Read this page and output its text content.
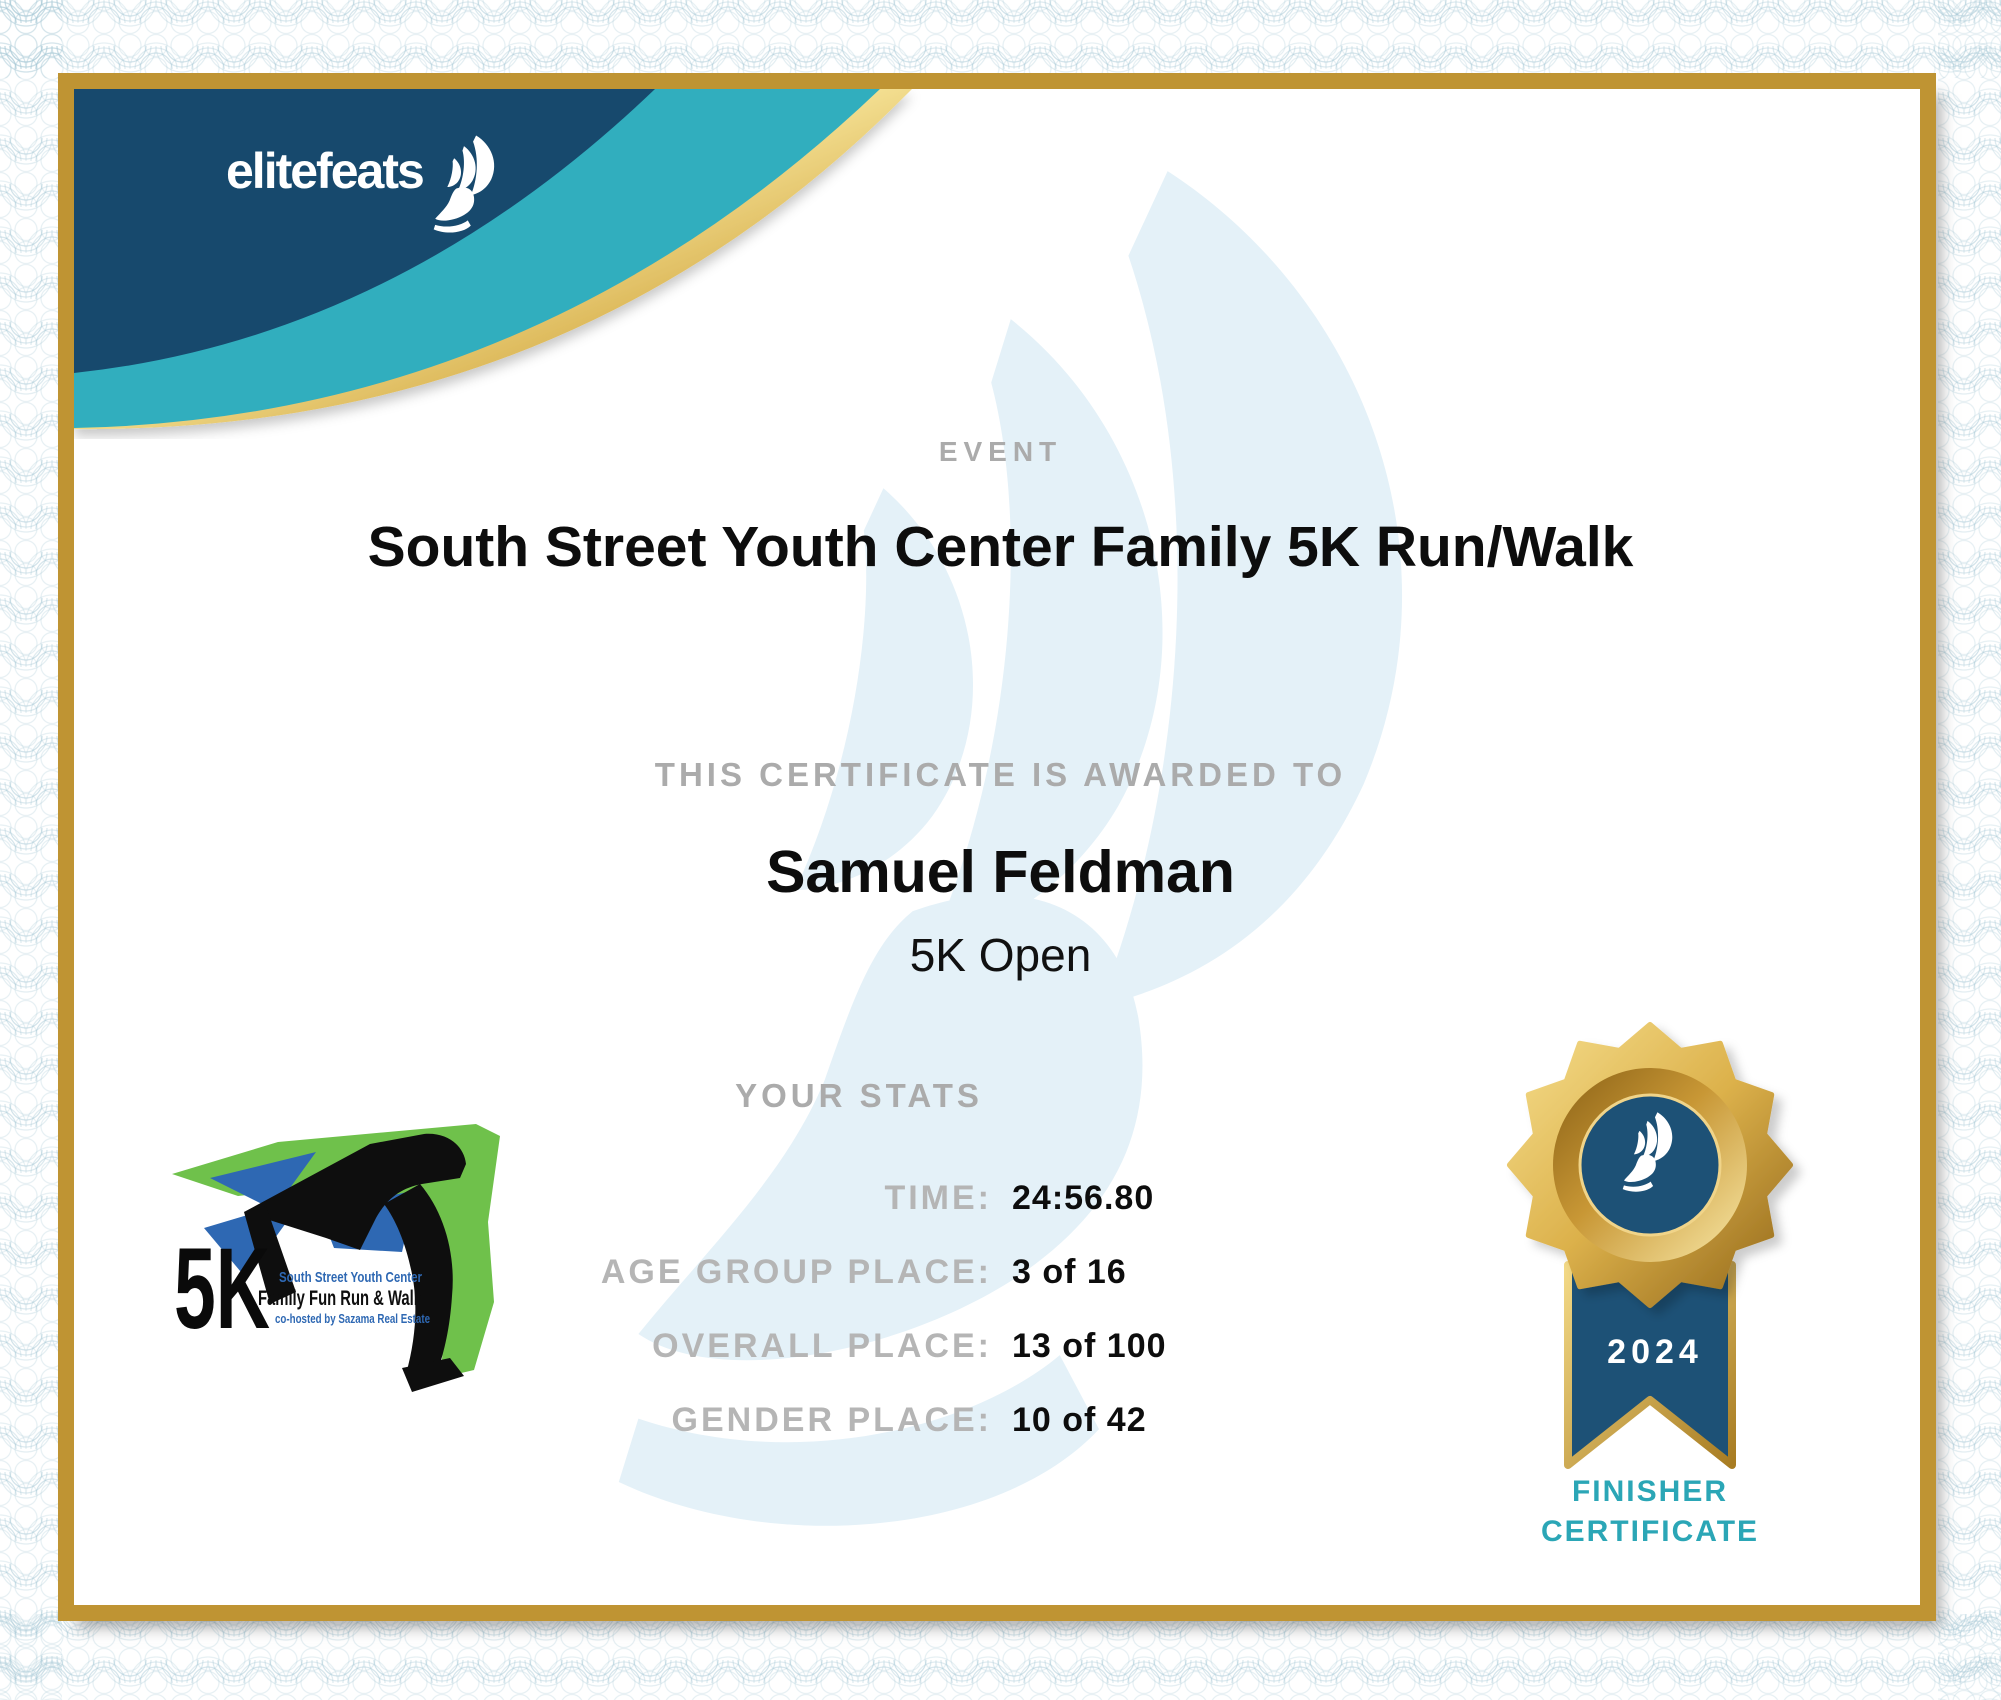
elitefeats
EVENT
South Street Youth Center Family 5K Run/Walk
THIS CERTIFICATE IS AWARDED TO
Samuel Feldman
5K Open
YOUR STATS
TIME: 24:56.80
AGE GROUP PLACE: 3 of 16
OVERALL PLACE: 13 of 100
GENDER PLACE: 10 of 42
5K South Street Youth Center
Family Fun Run & Walk
co-hosted by Sazama Real Estate
2024
FINISHER
CERTIFICATE
